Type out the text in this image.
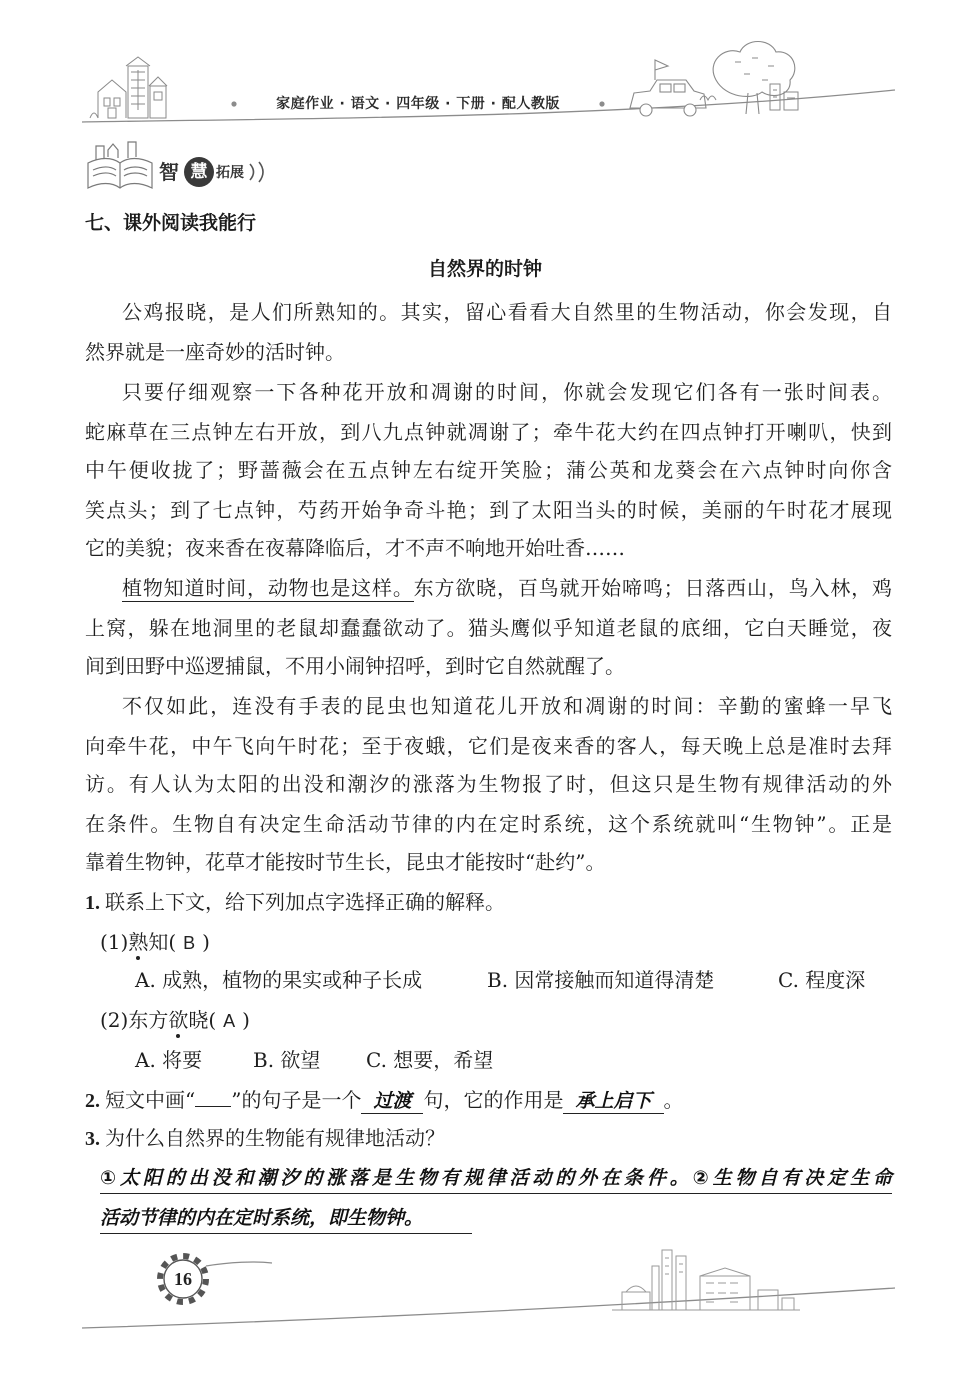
家庭作业 · 语文 · 四年级 · 下册 · 配人教版
智 慧 拓展
七、课外阅读我能行
自然界的时钟
公鸡报晓，是人们所熟知的。其实，留心看看大自然里的生物活动，你会发现，自
然界就是一座奇妙的活时钟。
只要仔细观察一下各种花开放和凋谢的时间，你就会发现它们各有一张时间表。
蛇麻草在三点钟左右开放，到八九点钟就凋谢了；牵牛花大约在四点钟打开喇叭，快到
中午便收拢了；野蔷薇会在五点钟左右绽开笑脸；蒲公英和龙葵会在六点钟时向你含
笑点头；到了七点钟，芍药开始争奇斗艳；到了太阳当头的时候，美丽的午时花才展现
它的美貌；夜来香在夜幕降临后，才不声不响地开始吐香……
植物知道时间，动物也是这样。东方欲晓，百鸟就开始啼鸣；日落西山，鸟入林，鸡
上窝，躲在地洞里的老鼠却蠢蠢欲动了。猫头鹰似乎知道老鼠的底细，它白天睡觉，夜
间到田野中巡逻捕鼠，不用小闹钟招呼，到时它自然就醒了。
不仅如此，连没有手表的昆虫也知道花儿开放和凋谢的时间：辛勤的蜜蜂一早飞
向牵牛花，中午飞向午时花；至于夜蛾，它们是夜来香的客人，每天晚上总是准时去拜
访。有人认为太阳的出没和潮汐的涨落为生物报了时，但这只是生物有规律活动的外
在条件。生物自有决定生命活动节律的内在定时系统，这个系统就叫“生物钟”。正是
靠着生物钟，花草才能按时节生长，昆虫才能按时“赴约”。
1. 联系上下文，给下列加点字选择正确的解释。
(1)熟知( B )
A. 成熟，植物的果实或种子长成	B. 因常接触而知道得清楚	C. 程度深
(2)东方欲晓( A )
A. 将要	B. 欲望 C. 想要，希望
2. 短文中画“ ”的句子是一个 过渡 句，它的作用是 承上启下 。
3. 为什么自然界的生物能有规律地活动？
①太阳的出没和潮汐的涨落是生物有规律活动的外在条件。②生物自有决定生命
活动节律的内在定时系统，即生物钟。
16
